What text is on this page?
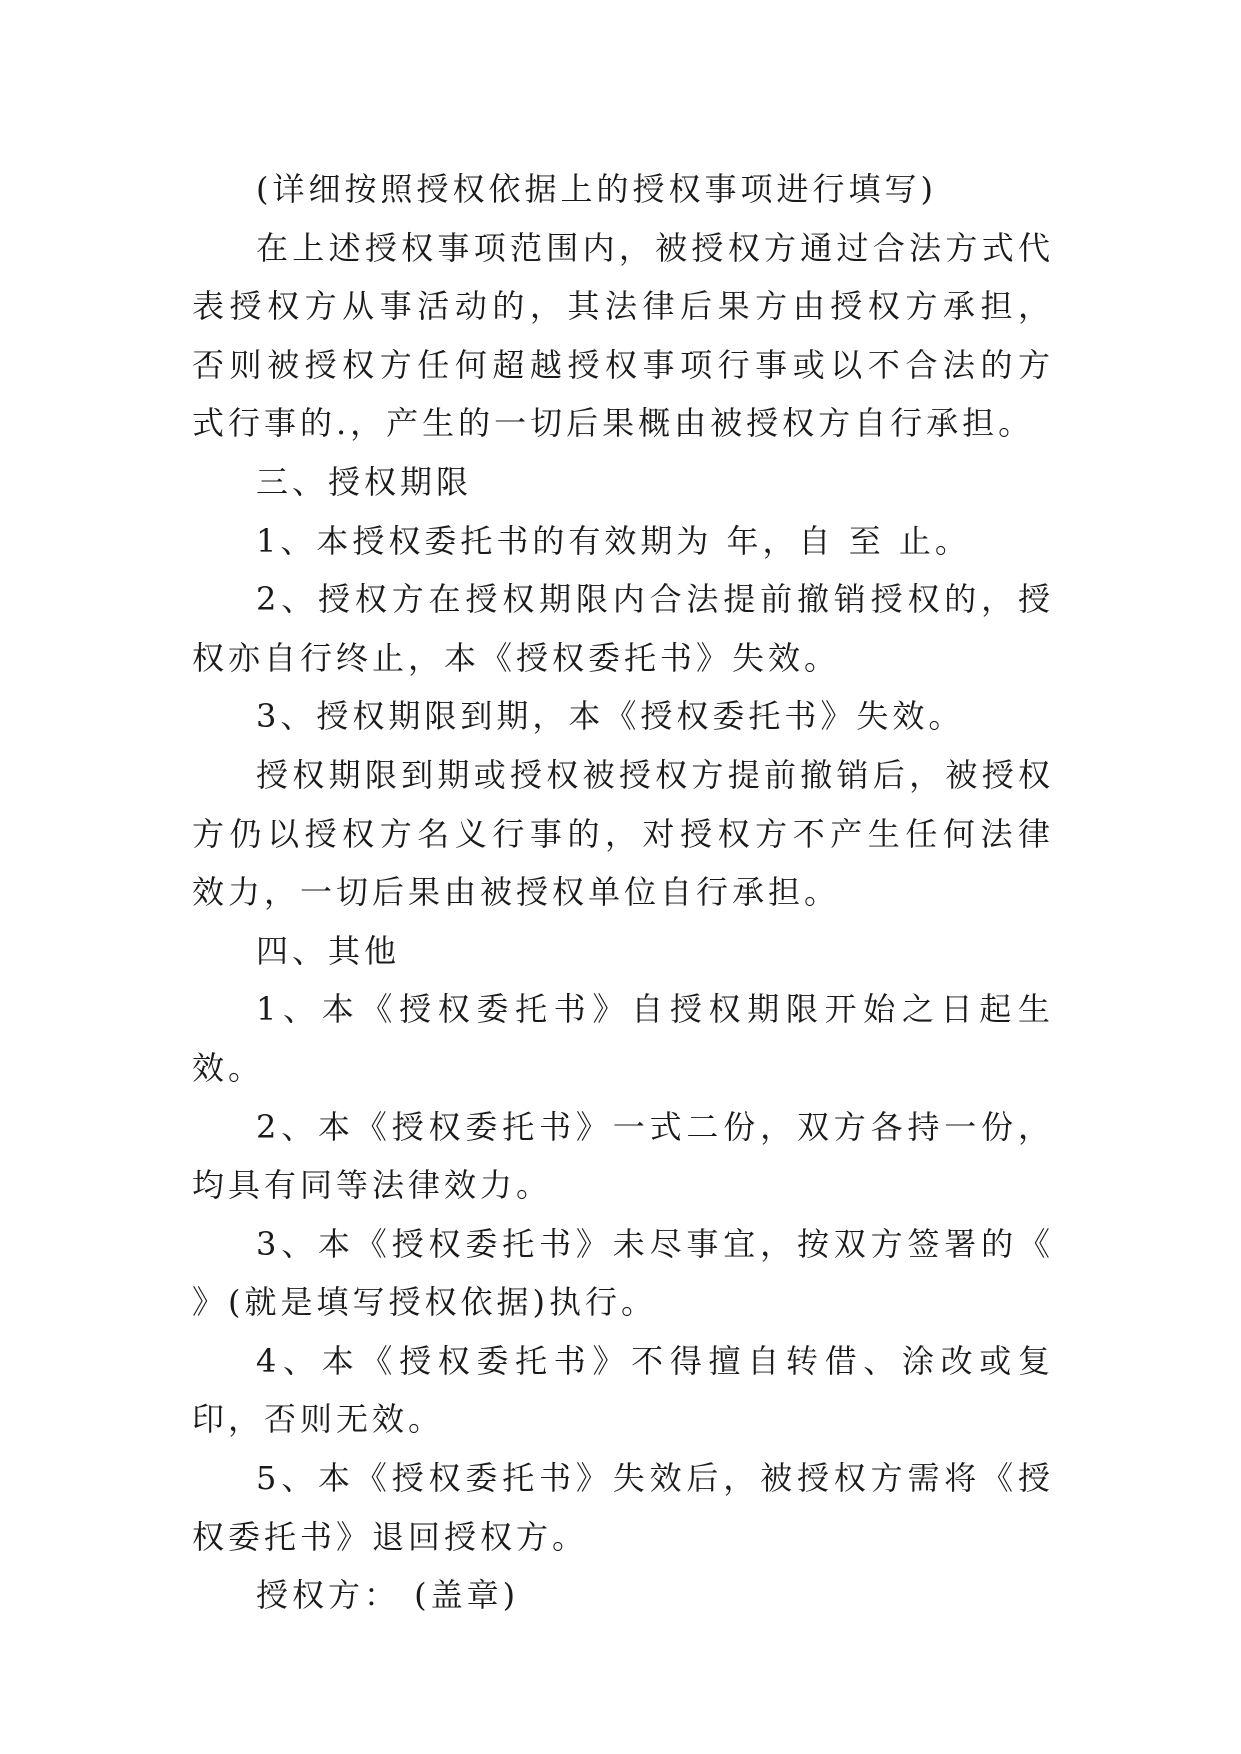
(详细按照授权依据上的授权事项进行填写)

在上述授权事项范围内，被授权方通过合法方式代表授权方从事活动的，其法律后果方由授权方承担，否则被授权方任何超越授权事项行事或以不合法的方式行事的.，产生的一切后果概由被授权方自行承担。

三、授权期限

1、本授权委托书的有效期为 年，自 至 止。

2、授权方在授权期限内合法提前撤销授权的，授权亦自行终止，本《授权委托书》失效。

3、授权期限到期，本《授权委托书》失效。

授权期限到期或授权被授权方提前撤销后，被授权方仍以授权方名义行事的，对授权方不产生任何法律效力，一切后果由被授权单位自行承担。

四、其他

1、本《授权委托书》自授权期限开始之日起生效。

2、本《授权委托书》一式二份，双方各持一份，均具有同等法律效力。

3、本《授权委托书》未尽事宜，按双方签署的《 》(就是填写授权依据)执行。

4、本《授权委托书》不得擅自转借、涂改或复印，否则无效。

5、本《授权委托书》失效后，被授权方需将《授权委托书》退回授权方。

授权方： (盖章)
